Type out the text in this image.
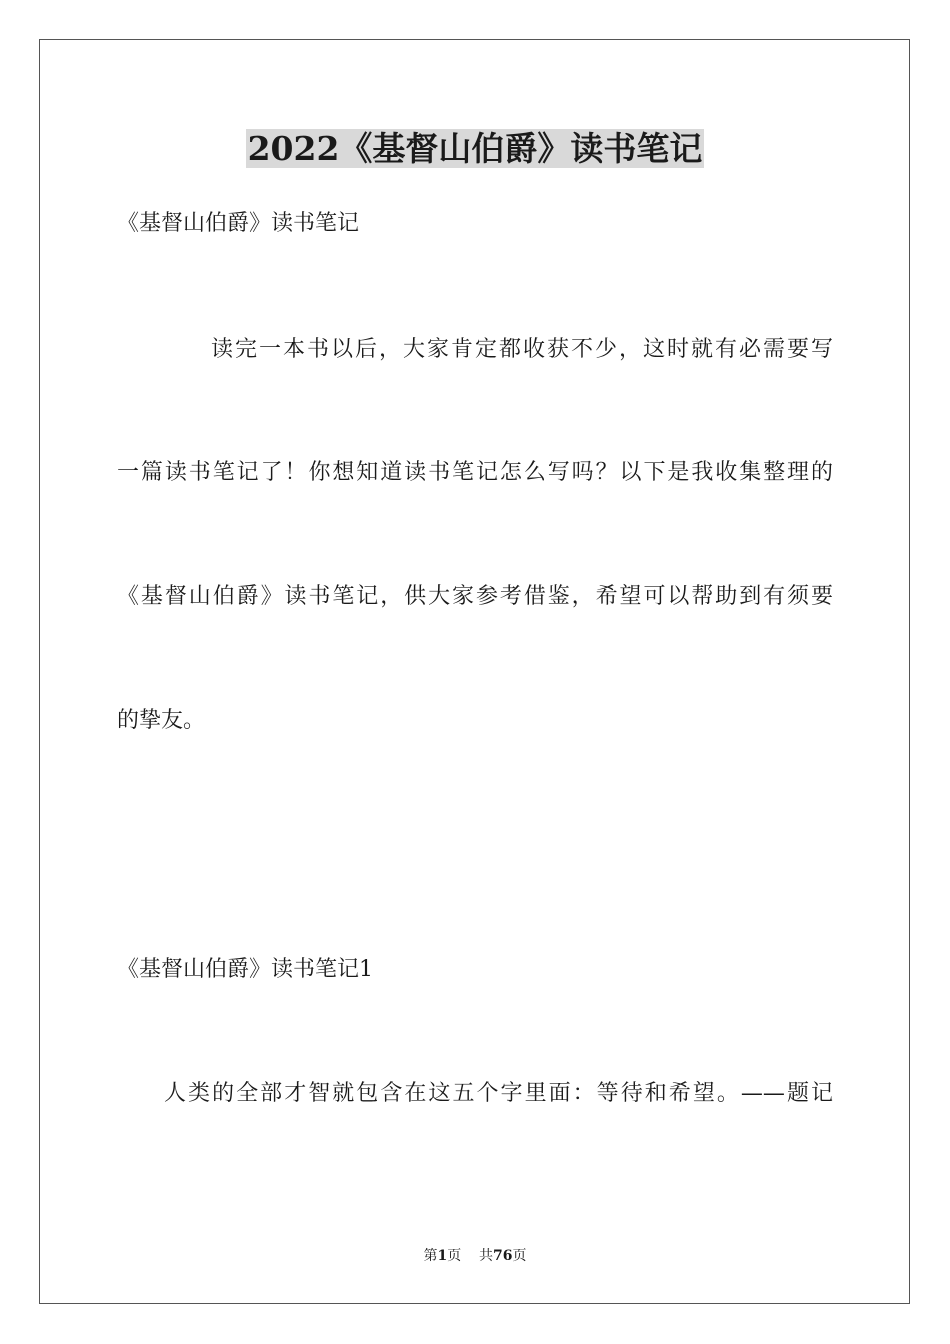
2022《基督山伯爵》读书笔记
《基督山伯爵》读书笔记
读完一本书以后，大家肯定都收获不少，这时就有必需要写
一篇读书笔记了！你想知道读书笔记怎么写吗？以下是我收集整理的
《基督山伯爵》读书笔记，供大家参考借鉴，希望可以帮助到有须要
的挚友。
《基督山伯爵》读书笔记1
人类的全部才智就包含在这五个字里面：等待和希望。——题记
第1页 共76页
